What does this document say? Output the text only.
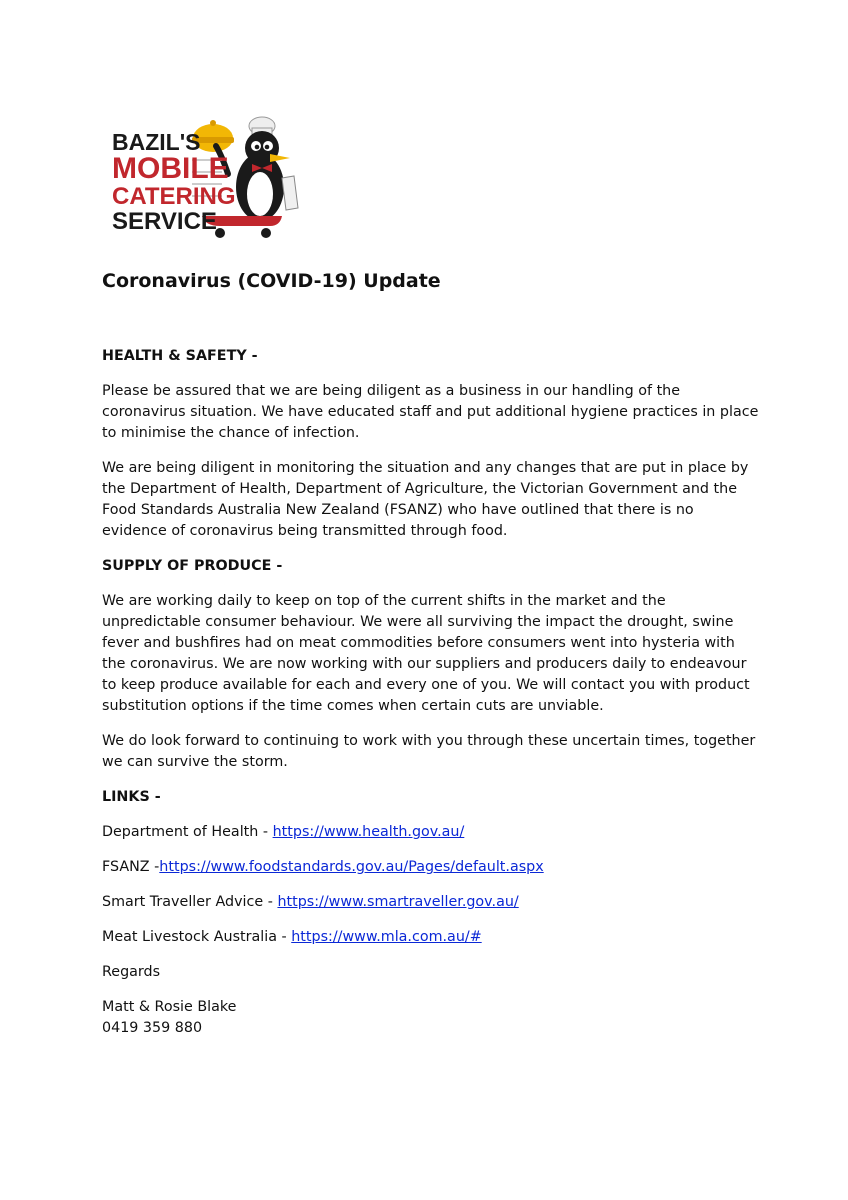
BAZIL'S
MOBILE
CATERING
SERVICE
Coronavirus (COVID-19) Update
HEALTH & SAFETY -

Please be assured that we are being diligent as a business in our handling of the coronavirus situation. We have educated staff and put additional hygiene practices in place to minimise the chance of infection.

We are being diligent in monitoring the situation and any changes that are put in place by the Department of Health, Department of Agriculture, the Victorian Government and the Food Standards Australia New Zealand (FSANZ) who have outlined that there is no evidence of coronavirus being transmitted through food.

SUPPLY OF PRODUCE -

We are working daily to keep on top of the current shifts in the market and the unpredictable consumer behaviour. We were all surviving the impact the drought, swine fever and bushfires had on meat commodities before consumers went into hysteria with the coronavirus. We are now working with our suppliers and producers daily to endeavour to keep produce available for each and every one of you. We will contact you with product substitution options if the time comes when certain cuts are unviable.

We do look forward to continuing to work with you through these uncertain times, together we can survive the storm.

LINKS -

Department of Health - https://www.health.gov.au/

FSANZ -https://www.foodstandards.gov.au/Pages/default.aspx

Smart Traveller Advice - https://www.smartraveller.gov.au/

Meat Livestock Australia - https://www.mla.com.au/#

Regards

Matt & Rosie Blake
0419 359 880
